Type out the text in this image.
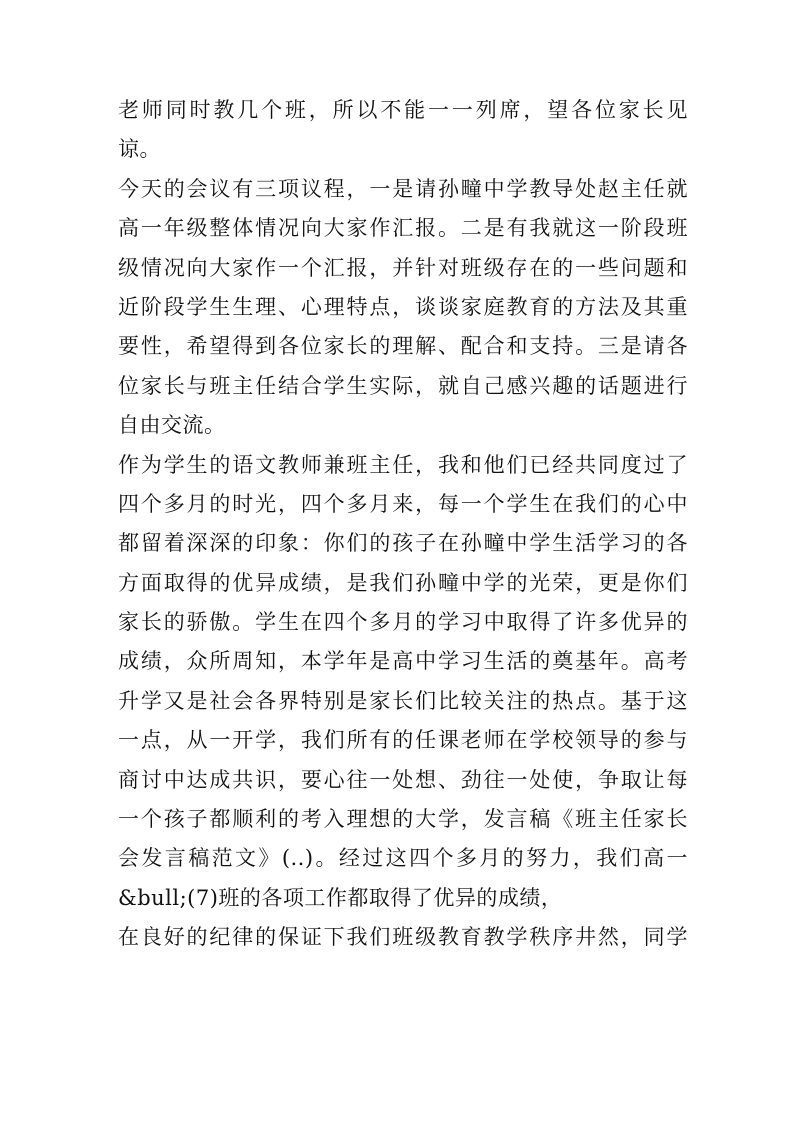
老师同时教几个班，所以不能一一列席，望各位家长见
谅。
今天的会议有三项议程，一是请孙疃中学教导处赵主任就
高一年级整体情况向大家作汇报。二是有我就这一阶段班
级情况向大家作一个汇报，并针对班级存在的一些问题和
近阶段学生生理、心理特点，谈谈家庭教育的方法及其重
要性，希望得到各位家长的理解、配合和支持。三是请各
位家长与班主任结合学生实际，就自己感兴趣的话题进行
自由交流。
作为学生的语文教师兼班主任，我和他们已经共同度过了
四个多月的时光，四个多月来，每一个学生在我们的心中
都留着深深的印象：你们的孩子在孙疃中学生活学习的各
方面取得的优异成绩，是我们孙疃中学的光荣，更是你们
家长的骄傲。学生在四个多月的学习中取得了许多优异的
成绩，众所周知，本学年是高中学习生活的奠基年。高考
升学又是社会各界特别是家长们比较关注的热点。基于这
一点，从一开学，我们所有的任课老师在学校领导的参与
商讨中达成共识，要心往一处想、劲往一处使，争取让每
一个孩子都顺利的考入理想的大学，发言稿《班主任家长
会发言稿范文》(..)。经过这四个多月的努力，我们高一
&bull;(7)班的各项工作都取得了优异的成绩，
在良好的纪律的保证下我们班级教育教学秩序井然，同学
